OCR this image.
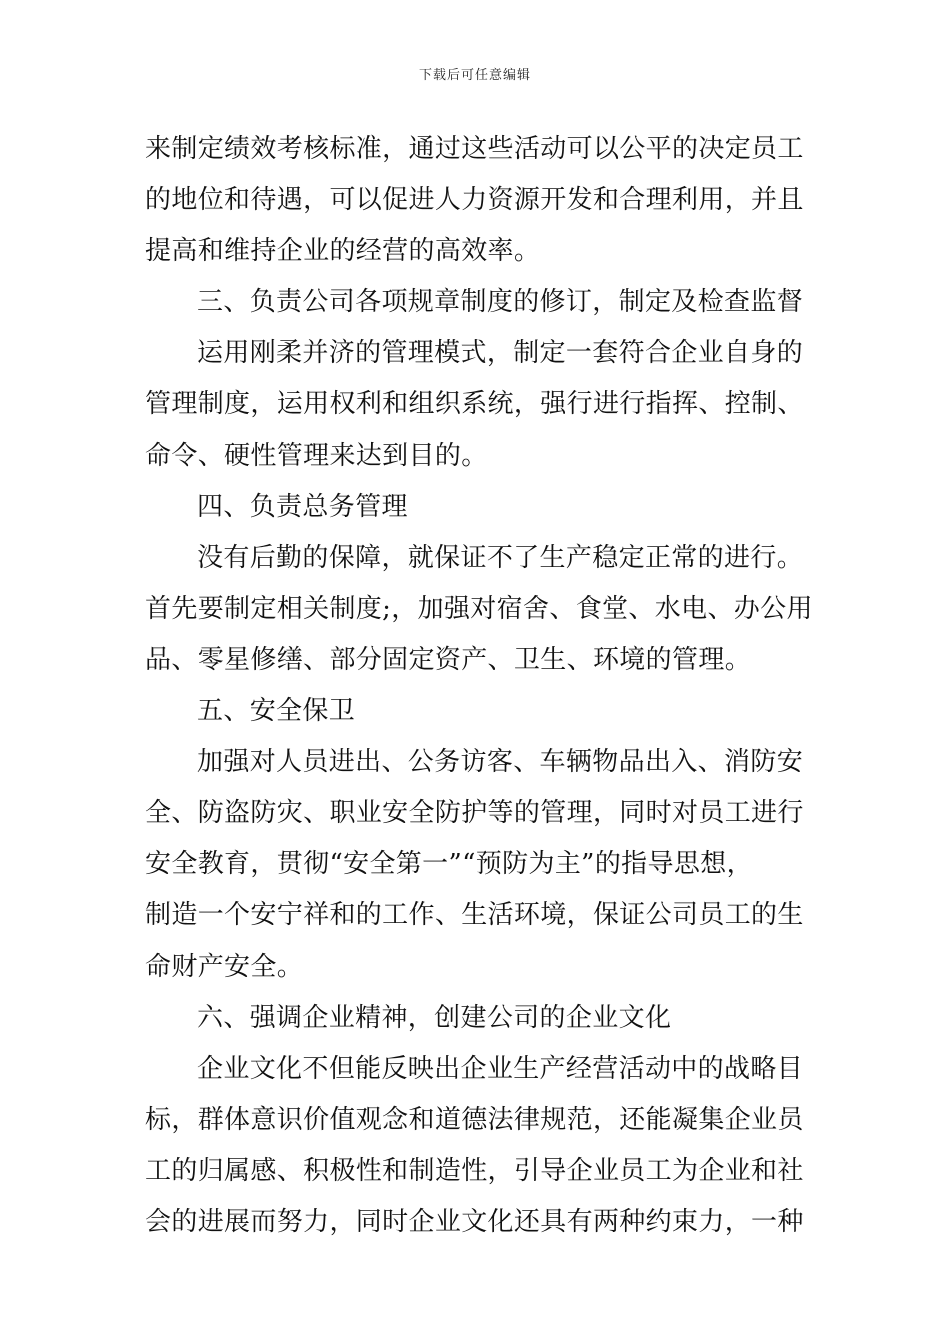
下载后可任意编辑
来制定绩效考核标准，通过这些活动可以公平的决定员工
的地位和待遇，可以促进人力资源开发和合理利用，并且
提高和维持企业的经营的高效率。
三、负责公司各项规章制度的修订，制定及检查监督
运用刚柔并济的管理模式，制定一套符合企业自身的
管理制度，运用权利和组织系统，强行进行指挥、控制、
命令、硬性管理来达到目的。
四、负责总务管理
没有后勤的保障，就保证不了生产稳定正常的进行。
首先要制定相关制度;，加强对宿舍、食堂、水电、办公用
品、零星修缮、部分固定资产、卫生、环境的管理。
五、安全保卫
加强对人员进出、公务访客、车辆物品出入、消防安
全、防盗防灾、职业安全防护等的管理，同时对员工进行
安全教育，贯彻“安全第一”“预防为主”的指导思想，
制造一个安宁祥和的工作、生活环境，保证公司员工的生
命财产安全。
六、强调企业精神，创建公司的企业文化
企业文化不但能反映出企业生产经营活动中的战略目
标，群体意识价值观念和道德法律规范，还能凝集企业员
工的归属感、积极性和制造性，引导企业员工为企业和社
会的进展而努力，同时企业文化还具有两种约束力，一种
